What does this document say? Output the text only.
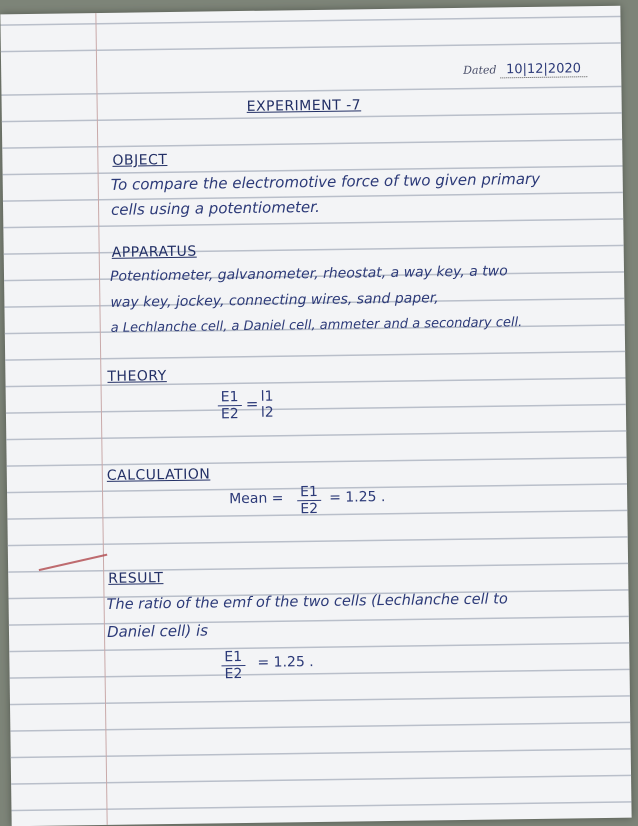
Dated 10|12|2020
EXPERIMENT -7
OBJECT
To compare the electromotive force of two given primary
cells using a potentiometer.
APPARATUS
Potentiometer, galvanometer, rheostat, a way key, a two
way key, jockey, connecting wires, sand paper,
a Lechlanche cell, a Daniel cell, ammeter and a secondary cell.
THEORY
$\frac{E1}{E2} = l1$
l2
CALCULATION
Mean = $\frac{E1}{E2} = 1.25$ .
RESULT
The ratio of the emf of the two cells (Lechlanche cell to
Daniel cell) is
$\frac{E1}{E2} = 1.25$ .
